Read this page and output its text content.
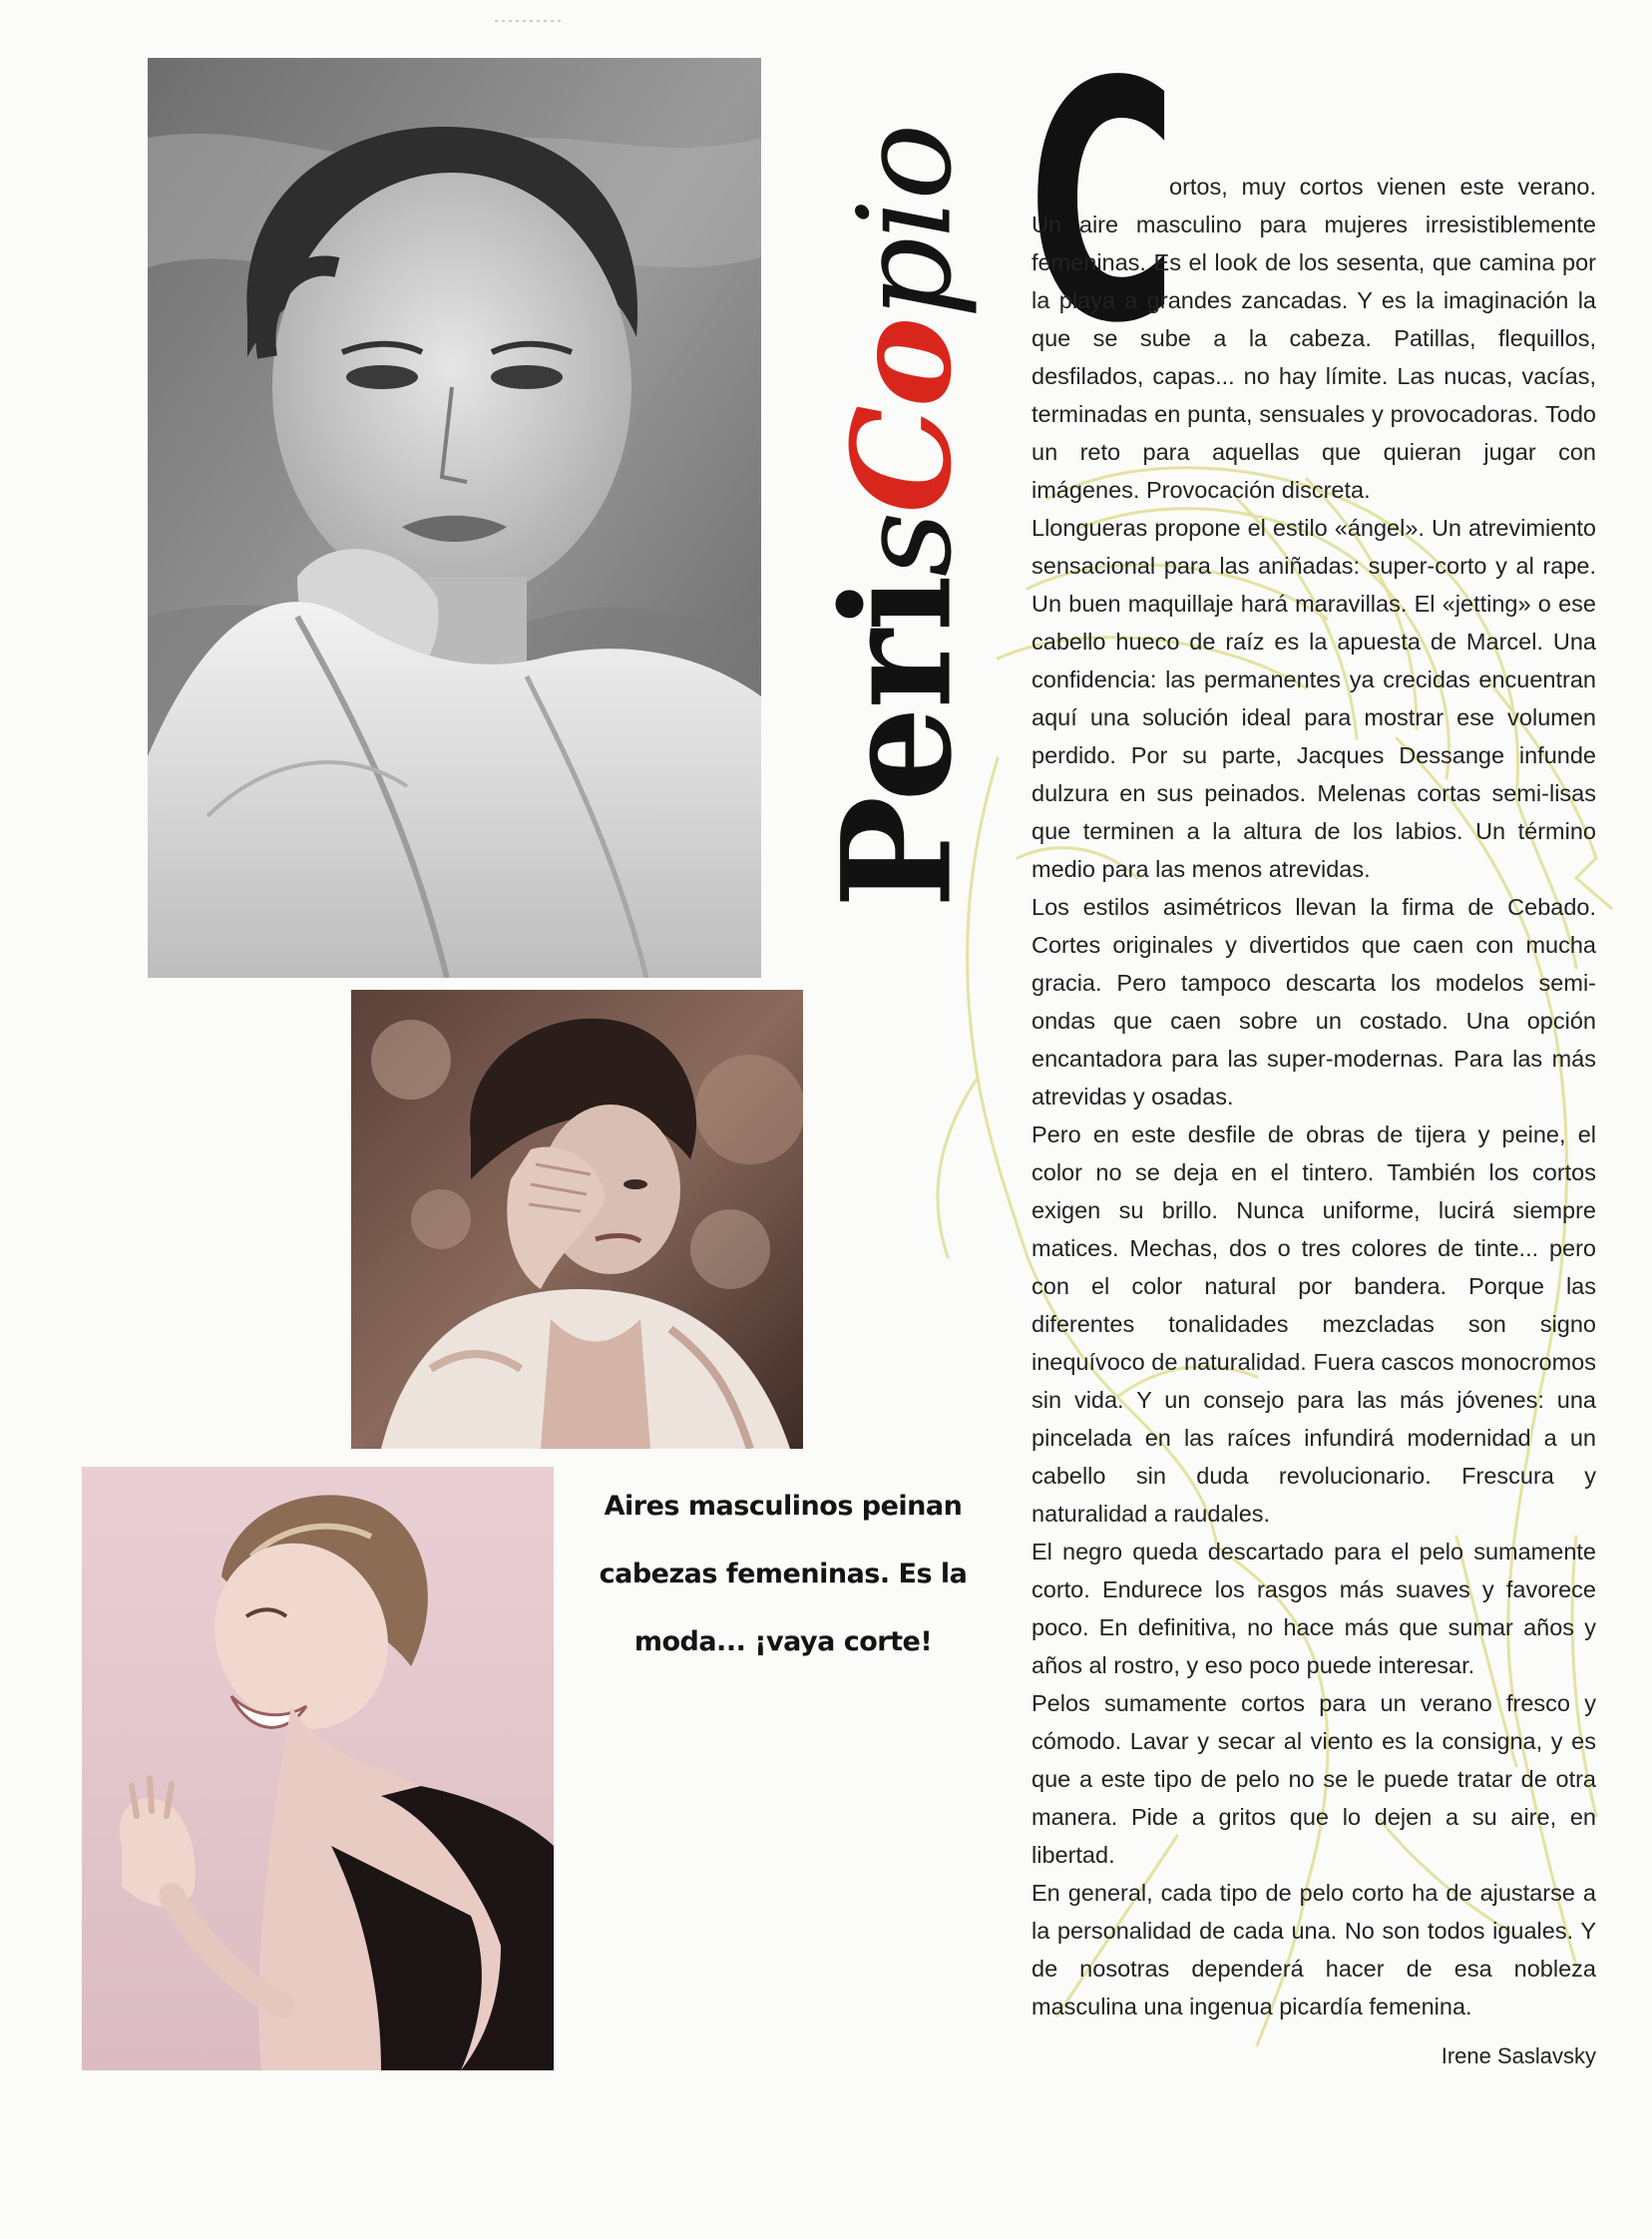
PerisCopio C

ortos, muy cortos vienen este verano. Un aire masculino para mujeres irresistiblemente femeninas. Es el look de los sesenta, que camina por la playa a grandes zancadas. Y es la imaginación la que se sube a la cabeza. Patillas, flequillos, desfilados, capas... no hay límite. Las nucas, vacías, terminadas en punta, sensuales y provocadoras. Todo un reto para aquellas que quieran jugar con imágenes. Provocación discreta.

Llongueras propone el estilo «ángel». Un atrevimiento sensacional para las aniñadas: super-corto y al rape. Un buen maquillaje hará maravillas. El «jetting» o ese cabello hueco de raíz es la apuesta de Marcel. Una confidencia: las permanentes ya crecidas encuentran aquí una solución ideal para mostrar ese volumen perdido. Por su parte, Jacques Dessange infunde dulzura en sus peinados. Melenas cortas semi-lisas que terminen a la altura de los labios. Un término medio para las menos atrevidas.

Los estilos asimétricos llevan la firma de Cebado. Cortes originales y divertidos que caen con mucha gracia. Pero tampoco descarta los modelos semi-ondas que caen sobre un costado. Una opción encantadora para las super-modernas. Para las más atrevidas y osadas.

Pero en este desfile de obras de tijera y peine, el color no se deja en el tintero. También los cortos exigen su brillo. Nunca uniforme, lucirá siempre matices. Mechas, dos o tres colores de tinte... pero con el color natural por bandera. Porque las diferentes tonalidades mezcladas son signo inequívoco de naturalidad. Fuera cascos monocromos sin vida. Y un consejo para las más jóvenes: una pincelada en las raíces infundirá modernidad a un cabello sin duda revolucionario. Frescura y naturalidad a raudales.

El negro queda descartado para el pelo sumamente corto. Endurece los rasgos más suaves y favorece poco. En definitiva, no hace más que sumar años y años al rostro, y eso poco puede interesar.

Pelos sumamente cortos para un verano fresco y cómodo. Lavar y secar al viento es la consigna, y es que a este tipo de pelo no se le puede tratar de otra manera. Pide a gritos que lo dejen a su aire, en libertad.

En general, cada tipo de pelo corto ha de ajustarse a la personalidad de cada una. No son todos iguales. Y de nosotras dependerá hacer de esa nobleza masculina una ingenua picardía femenina.

Aires masculinos peinan cabezas femeninas. Es la moda... ¡vaya corte!
Irene Saslavsky
